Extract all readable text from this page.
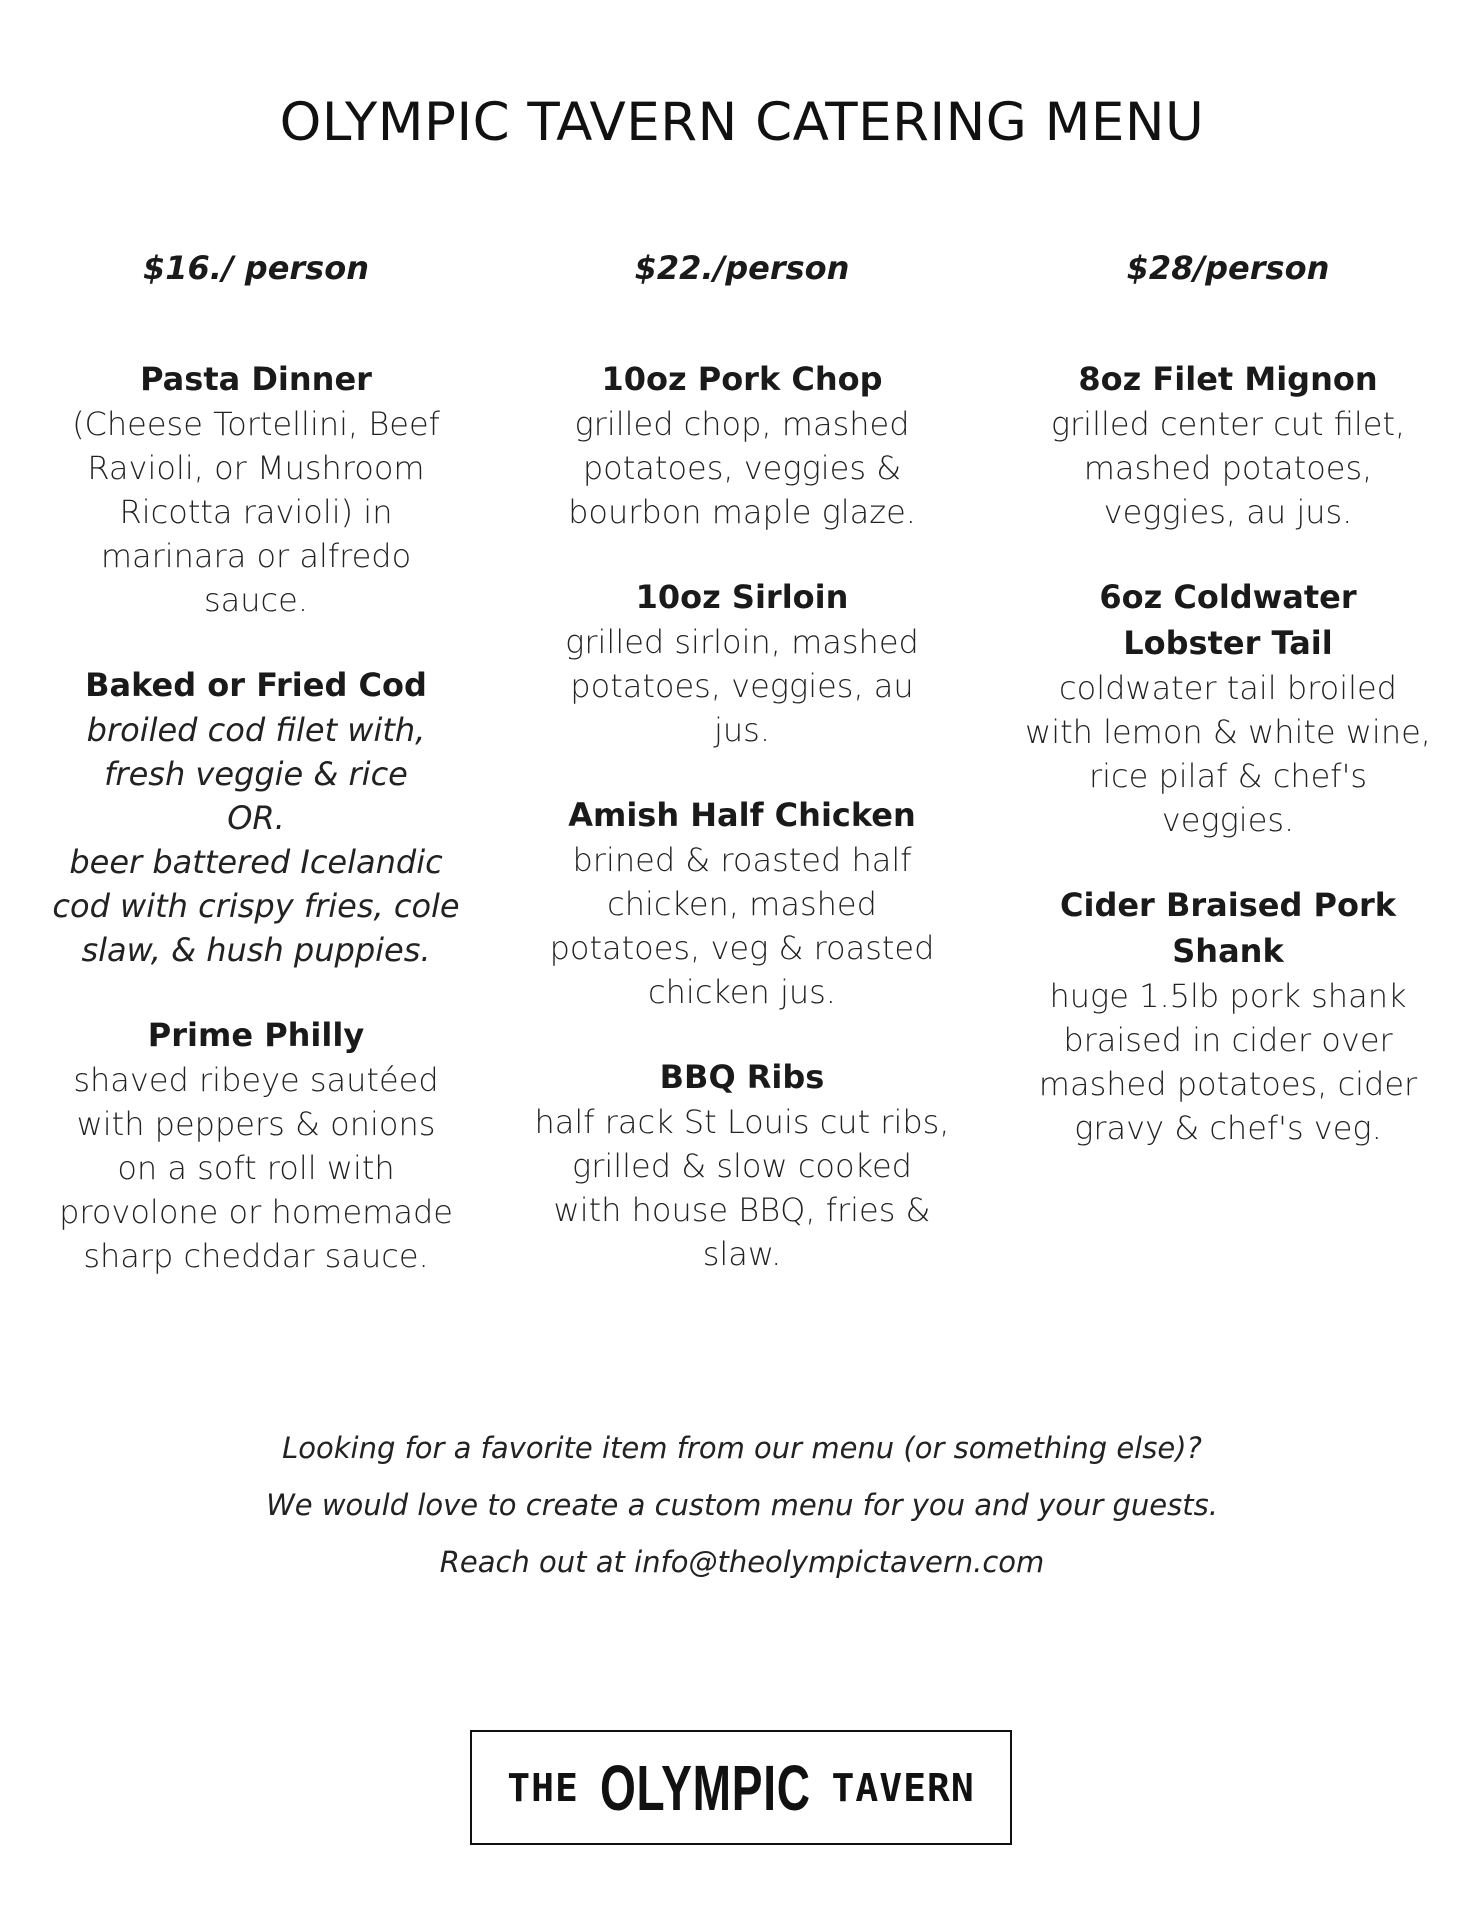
OLYMPIC TAVERN CATERING MENU
$16./ person
Pasta Dinner
(Cheese Tortellini, Beef
Ravioli, or Mushroom
Ricotta ravioli) in
marinara or alfredo
sauce.
Baked or Fried Cod
broiled cod filet with,
fresh veggie & rice
OR.
beer battered Icelandic
cod with crispy fries, cole
slaw, & hush puppies.
Prime Philly
shaved ribeye sautéed
with peppers & onions
on a soft roll with
provolone or homemade
sharp cheddar sauce.
$22./person
10oz Pork Chop
grilled chop, mashed
potatoes, veggies &
bourbon maple glaze.
10oz Sirloin
grilled sirloin, mashed
potatoes, veggies, au
jus.
Amish Half Chicken
brined & roasted half
chicken, mashed
potatoes, veg & roasted
chicken jus.
BBQ Ribs
half rack St Louis cut ribs,
grilled & slow cooked
with house BBQ, fries &
slaw.
$28/person
8oz Filet Mignon
grilled center cut filet,
mashed potatoes,
veggies, au jus.
6oz Coldwater
Lobster Tail
coldwater tail broiled
with lemon & white wine,
rice pilaf & chef's
veggies.
Cider Braised Pork
Shank
huge 1.5lb pork shank
braised in cider over
mashed potatoes, cider
gravy & chef's veg.
Looking for a favorite item from our menu (or something else)?
We would love to create a custom menu for you and your guests.
Reach out at info@theolympictavern.com
THE OLYMPIC TAVERN
